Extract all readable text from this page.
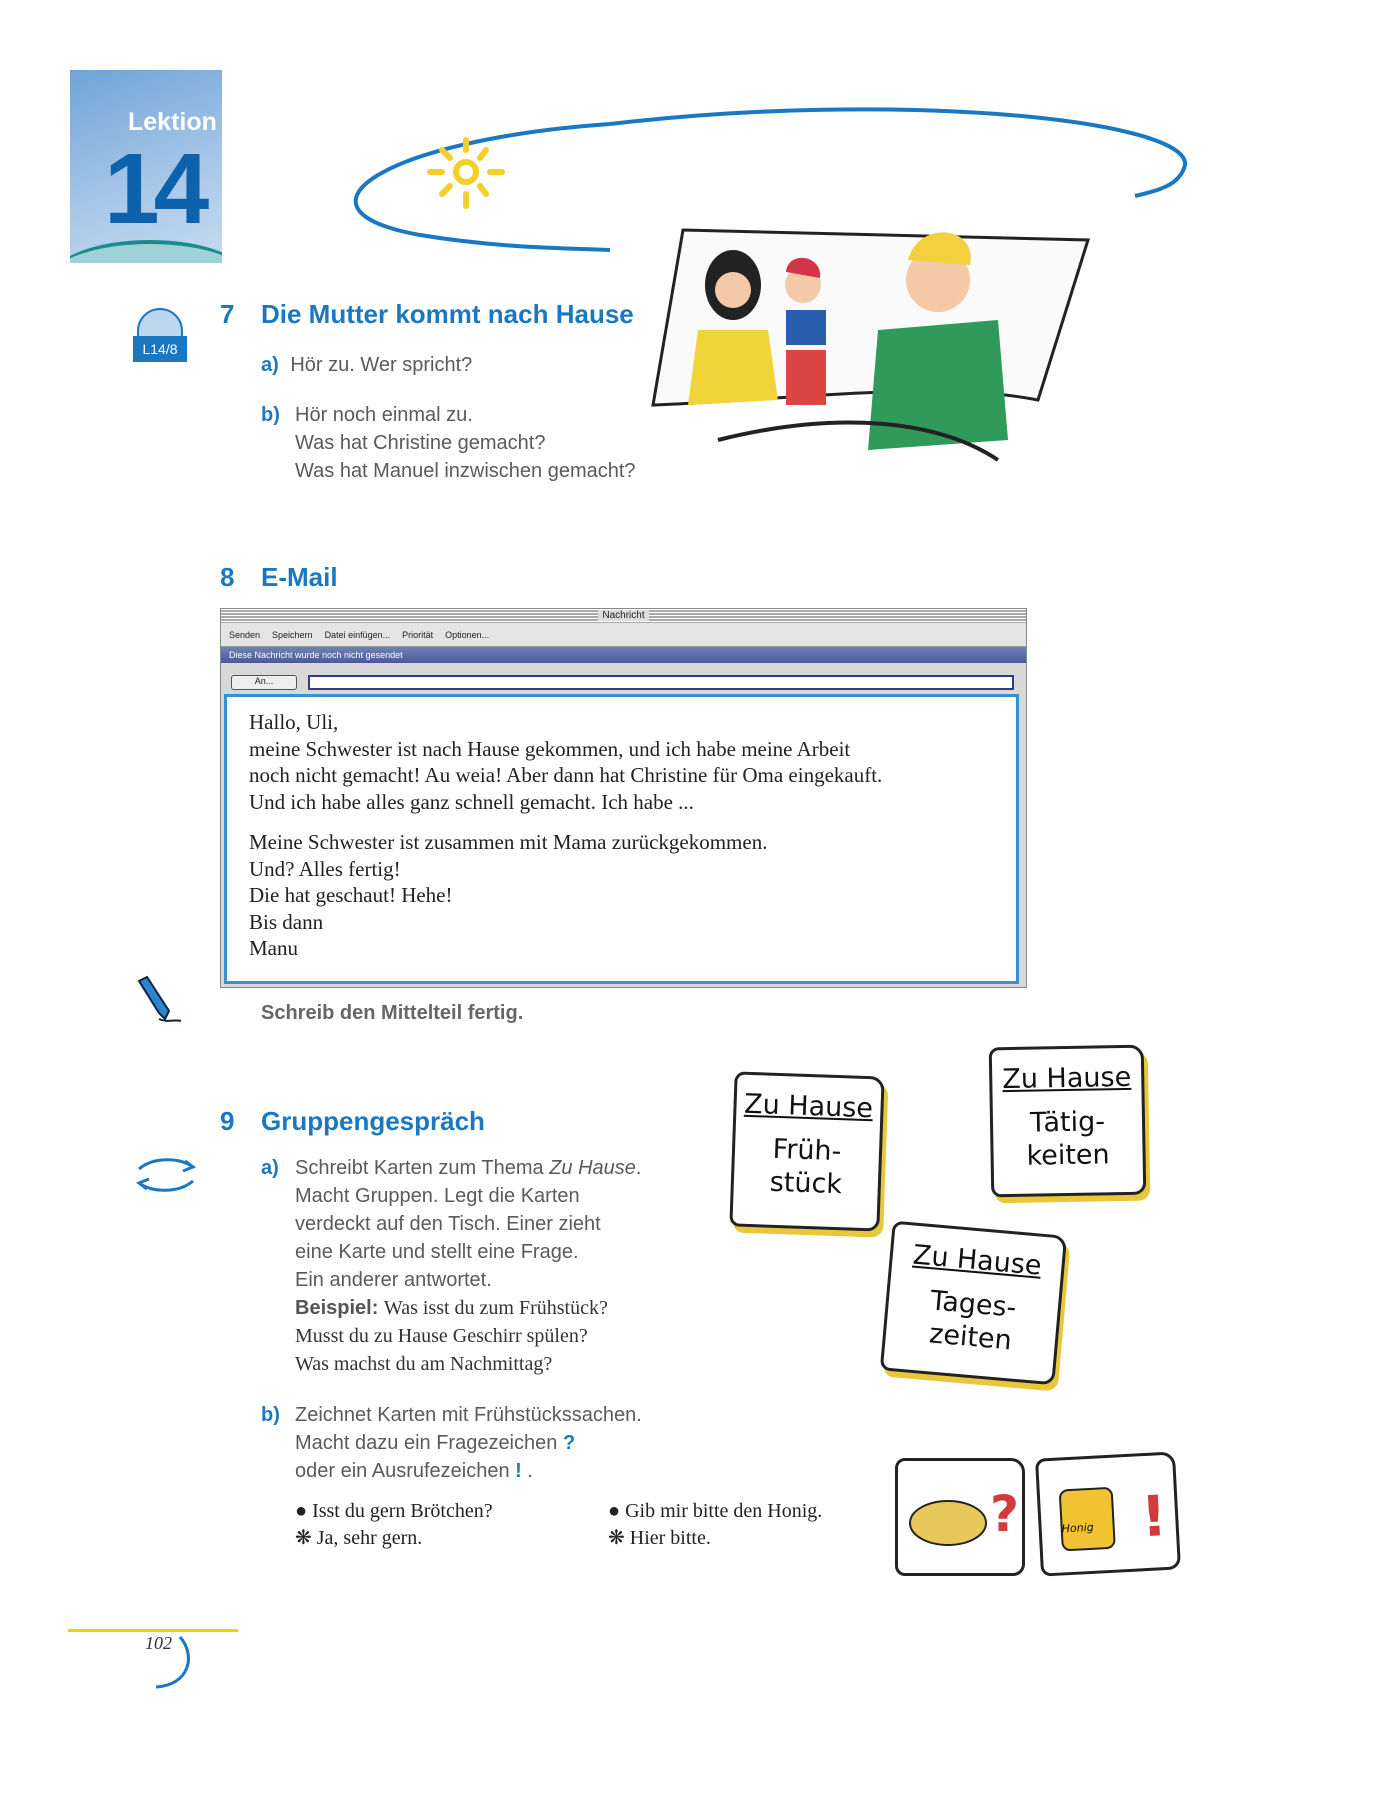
Lektion
14
L14/8
7 Die Mutter kommt nach Hause
a) Hör zu. Wer spricht?
b) Hör noch einmal zu.
Was hat Christine gemacht?
Was hat Manuel inzwischen gemacht?
8 E-Mail
Nachricht
Senden Speichern Datei einfügen... Priorität Optionen...
Diese Nachricht wurde noch nicht gesendet
An...

Hallo, Uli,

meine Schwester ist nach Hause gekommen, und ich habe meine Arbeit

noch nicht gemacht! Au weia! Aber dann hat Christine für Oma eingekauft.

Und ich habe alles ganz schnell gemacht. Ich habe ...

Meine Schwester ist zusammen mit Mama zurückgekommen.

Und? Alles fertig!

Die hat geschaut! Hehe!

Bis dann

Manu

Schreib den Mittelteil fertig.
9 Gruppengespräch
a) Schreibt Karten zum Thema Zu Hause.
Macht Gruppen. Legt die Karten
verdeckt auf den Tisch. Einer zieht
eine Karte und stellt eine Frage.
Ein anderer antwortet.
Beispiel: Was isst du zum Frühstück?
Musst du zu Hause Geschirr spülen?
Was machst du am Nachmittag?
b) Zeichnet Karten mit Frühstückssachen.
Macht dazu ein Fragezeichen ?
oder ein Ausrufezeichen ! .
● Isst du gern Brötchen?
❋ Ja, sehr gern.
● Gib mir bitte den Honig.
❋ Hier bitte.
Zu Hause
Früh-
stück
Zu Hause
Tätig-
keiten
Zu Hause
Tages-
zeiten
? !
Honig
102
